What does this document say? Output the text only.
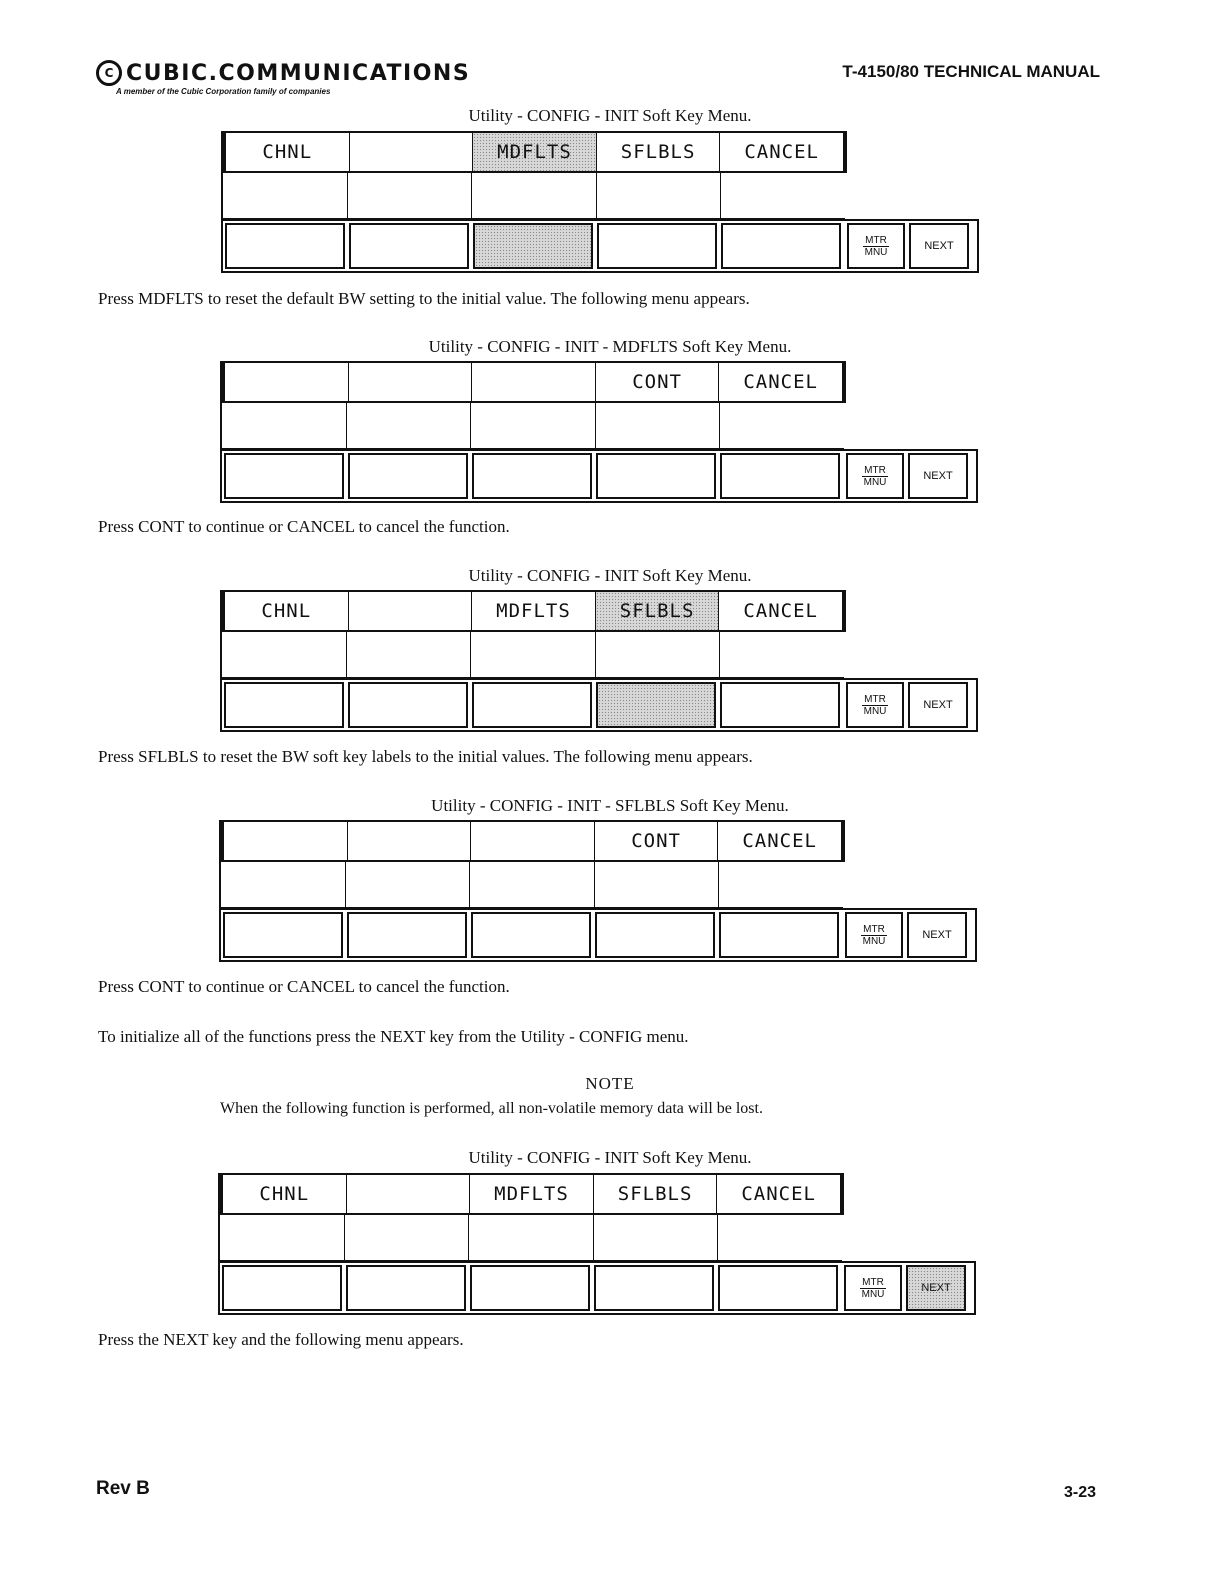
C CUBIC.COMMUNICATIONS
A member of the Cubic Corporation family of companies
T-4150/80 TECHNICAL MANUAL
Utility - CONFIG - INIT Soft Key Menu.
CHNL	MDFLTS	SFLBLS	CANCEL
MTR
MNU	NEXT
Press MDFLTS to reset the default BW setting to the initial value. The following menu appears.
Utility - CONFIG - INIT - MDFLTS Soft Key Menu.
CONT	CANCEL
MTR
MNU	NEXT
Press CONT to continue or CANCEL to cancel the function.
Utility - CONFIG - INIT Soft Key Menu.
CHNL	MDFLTS	SFLBLS	CANCEL
MTR
MNU	NEXT
Press SFLBLS to reset the BW soft key labels to the initial values. The following menu appears.
Utility - CONFIG - INIT - SFLBLS Soft Key Menu.
CONT	CANCEL
MTR
MNU	NEXT
Press CONT to continue or CANCEL to cancel the function.
To initialize all of the functions press the NEXT key from the Utility - CONFIG menu.
NOTE
When the following function is performed, all non-volatile memory data will be lost.
Utility - CONFIG - INIT Soft Key Menu.
CHNL	MDFLTS	SFLBLS	CANCEL
MTR
MNU	NEXT
Press the NEXT key and the following menu appears.
Rev B	3-23
